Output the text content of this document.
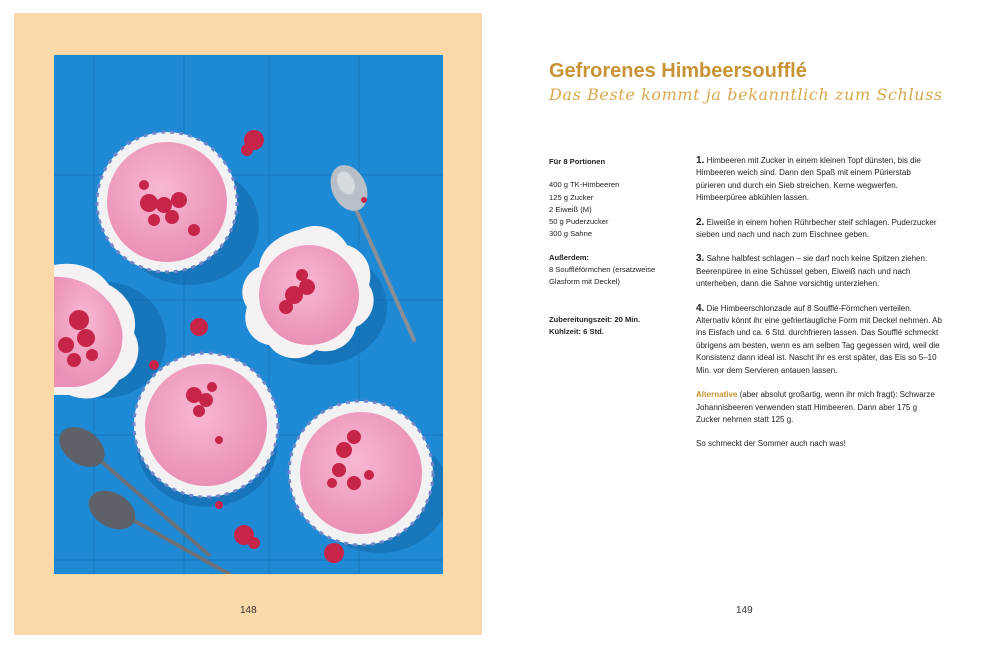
148
Gefrorenes Himbeersoufflé
Das Beste kommt ja bekanntlich zum Schluss
Für 8 Portionen
400 g TK-Himbeeren
125 g Zucker
2 Eiweiß (M)
50 g Puderzucker
300 g Sahne
Außerdem:
8 Souffléförmchen (ersatzweise
Glasform mit Deckel)
Zubereitungszeit: 20 Min.
Kühlzeit: 6 Std.

1. Himbeeren mit Zucker in einem kleinen Topf dünsten, bis die Himbeeren weich sind. Dann den Spaß mit einem Pürierstab pürieren und durch ein Sieb streichen. Kerne wegwerfen. Himbeerpüree abkühlen lassen.

2. Eiweiße in einem hohen Rührbecher steif schlagen. Puderzucker sieben und nach und nach zum Eischnee geben.

3. Sahne halbfest schlagen – sie darf noch keine Spitzen ziehen. Beerenpüree in eine Schüssel geben, Eiweiß nach und nach unterheben, dann die Sahne vorsichtig unterziehen.

4. Die Himbeerschlonzade auf 8 Soufflé-Förmchen verteilen. Alternativ könnt ihr eine gefriertaugliche Form mit Deckel nehmen. Ab ins Eisfach und ca. 6 Std. durchfrieren lassen. Das Soufflé schmeckt übrigens am besten, wenn es am selben Tag gegessen wird, weil die Konsistenz dann ideal ist. Nascht ihr es erst später, das Eis so 5–10 Min. vor dem Servieren antauen lassen.

Alternative (aber absolut großartig, wenn ihr mich fragt): Schwarze Johannisbeeren verwenden statt Himbeeren. Dann aber 175 g Zucker nehmen statt 125 g.

So schmeckt der Sommer auch nach was!

149
